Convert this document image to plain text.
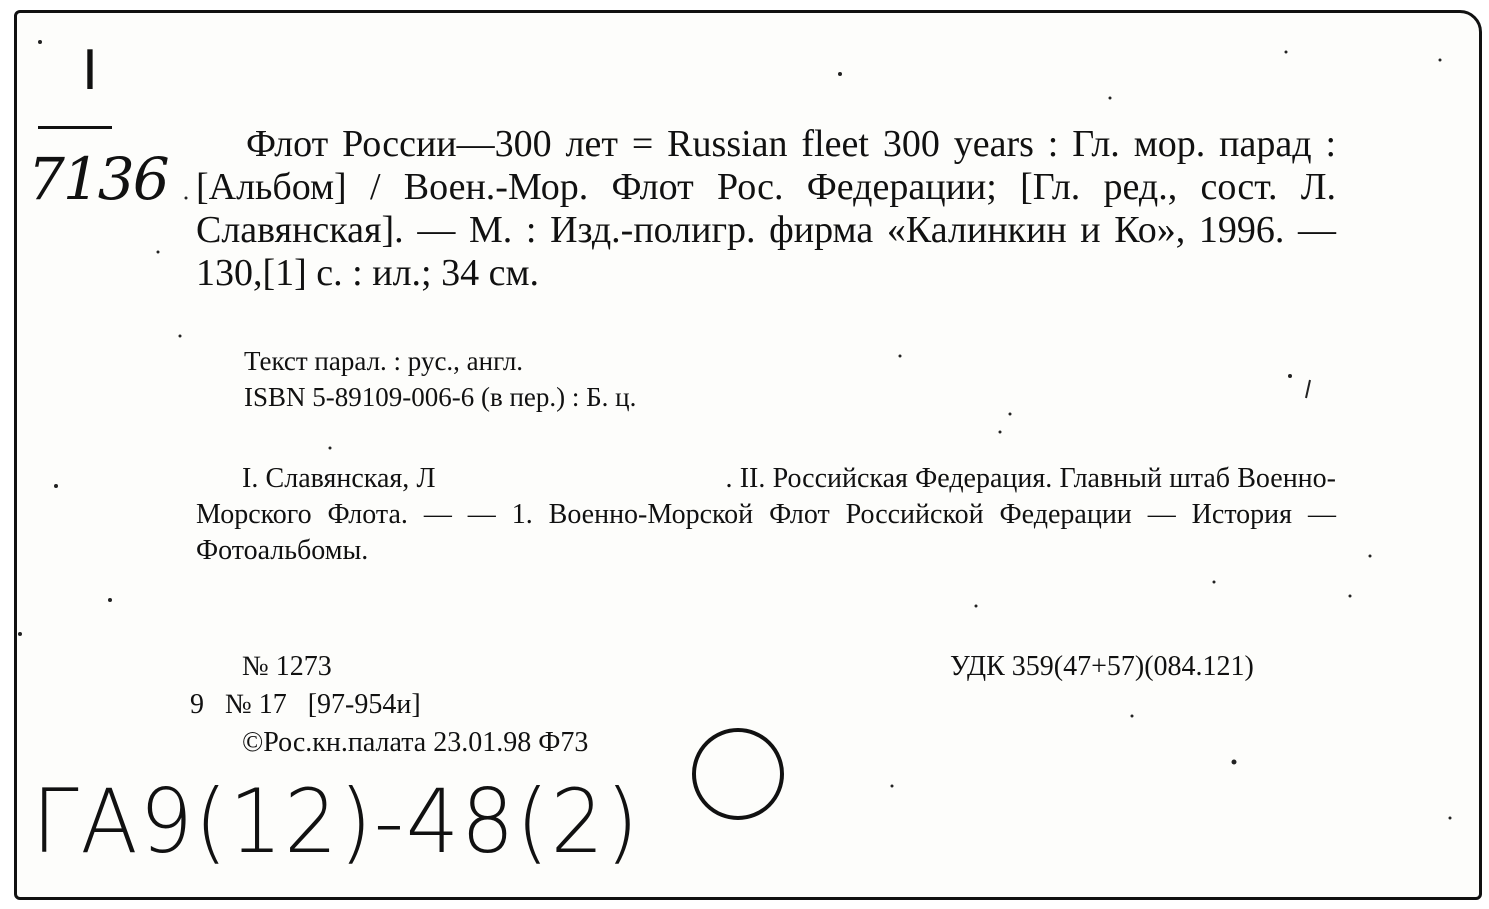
I
7136
Флот России—300 лет = Russian fleet 300 years : Гл. мор. парад : [Альбом] / Воен.-Мор. Флот Рос. Федерации; [Гл. ред., сост. Л. Славянская]. — М. : Изд.-полигр. фирма «Калинкин и Ко», 1996. — 130,[1] с. : ил.; 34 см.
Текст парал. : рус., англ.
ISBN 5-89109-006-6 (в пер.) : Б. ц.
I. Славянская, Л	. II. Российская Федерация. Главный штаб Военно-Морского Флота. — — 1. Военно-Морской Флот Российской Федерации — История — Фотоальбомы.
№ 1273
9 № 17   [97-954и]
©Рос.кн.палата 23.01.98 Ф73
УДК 359(47+57)(084.121)
ГА9(12)-48(2)
